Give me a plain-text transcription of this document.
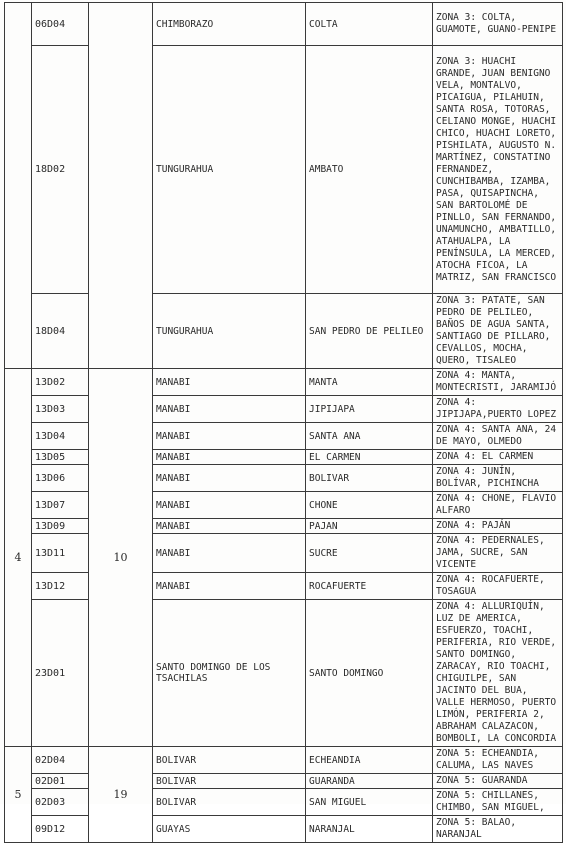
	06D04		CHIMBORAZO	COLTA	ZONA 3: COLTA, GUAMOTE, GUANO-PENIPE
	18D02		TUNGURAHUA	AMBATO	ZONA 3: HUACHI GRANDE, JUAN BENIGNO VELA, MONTALVO, PICAIGUA, PILAHUIN, SANTA ROSA, TOTORAS, CELIANO MONGE, HUACHI CHICO, HUACHI LORETO, PISHILATA, AUGUSTO N. MARTÍNEZ, CONSTATINO FERNANDEZ, CUNCHIBAMBA, IZAMBA, PASA, QUISAPINCHA, SAN BARTOLOMÉ DE PINLLO, SAN FERNANDO, UNAMUNCHO, AMBATILLO, ATAHUALPA, LA PENÍNSULA, LA MERCED, ATOCHA FICOA, LA MATRIZ, SAN FRANCISCO
	18D04		TUNGURAHUA	SAN PEDRO DE PELILEO	ZONA 3: PATATE, SAN PEDRO DE PELILEO, BAÑOS DE AGUA SANTA, SANTIAGO DE PILLARO, CEVALLOS, MOCHA, QUERO, TISALEO
4	13D02	10	MANABI	MANTA	ZONA 4: MANTA, MONTECRISTI, JARAMIJÓ
	13D03		MANABI	JIPIJAPA	ZONA 4: JIPIJAPA,PUERTO LOPEZ
	13D04		MANABI	SANTA ANA	ZONA 4: SANTA ANA, 24 DE MAYO, OLMEDO
	13D05		MANABI	EL CARMEN	ZONA 4: EL CARMEN
	13D06		MANABI	BOLIVAR	ZONA 4: JUNÍN, BOLÍVAR, PICHINCHA
	13D07		MANABI	CHONE	ZONA 4: CHONE, FLAVIO ALFARO
	13D09		MANABI	PAJAN	ZONA 4: PAJÁN
	13D11		MANABI	SUCRE	ZONA 4: PEDERNALES, JAMA, SUCRE, SAN VICENTE
	13D12		MANABI	ROCAFUERTE	ZONA 4: ROCAFUERTE, TOSAGUA
	23D01		SANTO DOMINGO DE LOS TSACHILAS	SANTO DOMINGO	ZONA 4: ALLURIQUÍN, LUZ DE AMERICA, ESFUERZO, TOACHI, PERIFERIA, RIO VERDE, SANTO DOMINGO, ZARACAY, RIO TOACHI, CHIGUILPE, SAN JACINTO DEL BUA, VALLE HERMOSO, PUERTO LIMÓN, PERIFERIA 2, ABRAHAM CALAZACON, BOMBOLI, LA CONCORDIA
5	02D04	19	BOLIVAR	ECHEANDIA	ZONA 5: ECHEANDIA, CALUMA, LAS NAVES
	02D01		BOLIVAR	GUARANDA	ZONA 5: GUARANDA
	02D03		BOLIVAR	SAN MIGUEL	ZONA 5: CHILLANES, CHIMBO, SAN MIGUEL,
	09D12		GUAYAS	NARANJAL	ZONA 5: BALAO, NARANJAL
